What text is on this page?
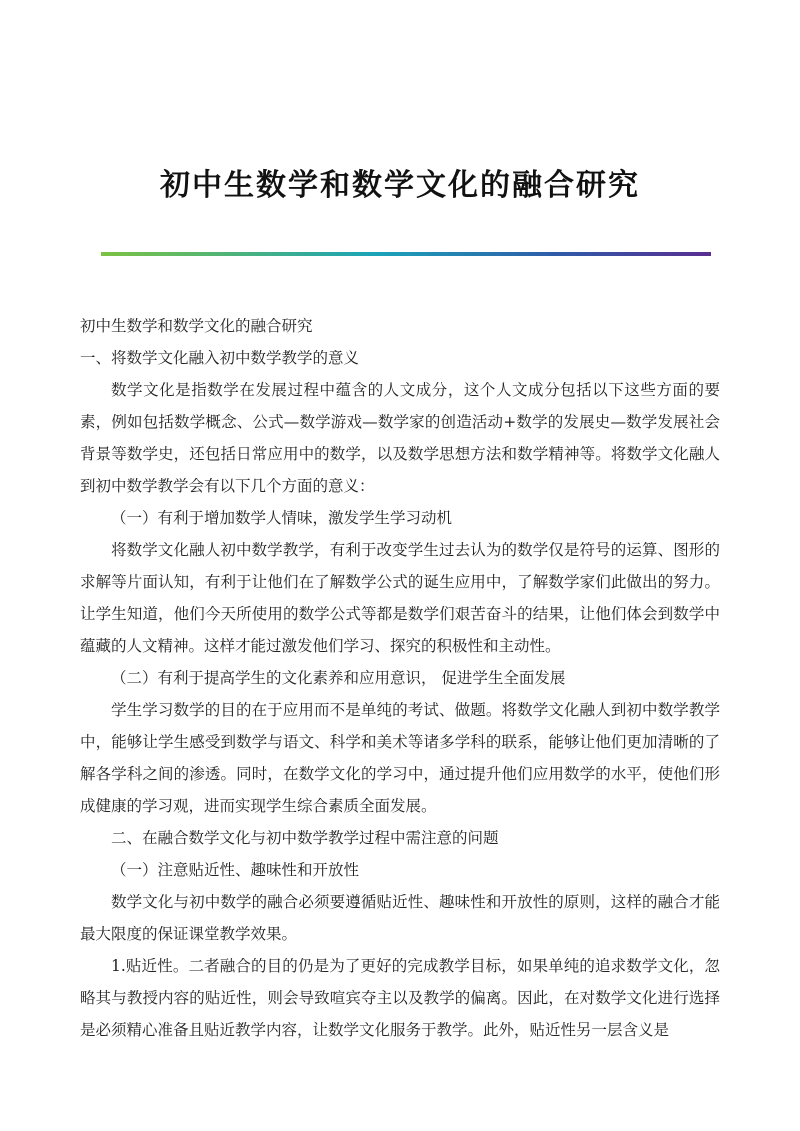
初中生数学和数学文化的融合研究

初中生数学和数学文化的融合研究

一、将数学文化融入初中数学教学的意义

数学文化是指数学在发展过程中蕴含的人文成分，这个人文成分包括以下这些方面的要素，例如包括数学概念、公式—数学游戏—数学家的创造活动+数学的发展史—数学发展社会背景等数学史，还包括日常应用中的数学，以及数学思想方法和数学精神等。将数学文化融人到初中数学教学会有以下几个方面的意义：

（一）有利于增加数学人情味，激发学生学习动机

将数学文化融人初中数学教学，有利于改变学生过去认为的数学仅是符号的运算、图形的求解等片面认知，有利于让他们在了解数学公式的诞生应用中，了解数学家们此做出的努力。让学生知道，他们今天所使用的数学公式等都是数学们艰苦奋斗的结果，让他们体会到数学中蕴藏的人文精神。这样才能过激发他们学习、探究的积极性和主动性。

（二）有利于提高学生的文化素养和应用意识， 促进学生全面发展

学生学习数学的目的在于应用而不是单纯的考试、做题。将数学文化融人到初中数学教学中，能够让学生感受到数学与语文、科学和美术等诸多学科的联系，能够让他们更加清晰的了解各学科之间的渗透。同时，在数学文化的学习中，通过提升他们应用数学的水平，使他们形成健康的学习观，进而实现学生综合素质全面发展。

二、在融合数学文化与初中数学教学过程中需注意的问题

（一）注意贴近性、趣味性和开放性

数学文化与初中数学的融合必须要遵循贴近性、趣味性和开放性的原则，这样的融合才能最大限度的保证课堂教学效果。

1.贴近性。二者融合的目的仍是为了更好的完成教学目标，如果单纯的追求数学文化，忽略其与教授内容的贴近性，则会导致喧宾夺主以及教学的偏离。因此，在对数学文化进行选择是必须精心准备且贴近教学内容，让数学文化服务于教学。此外，贴近性另一层含义是
